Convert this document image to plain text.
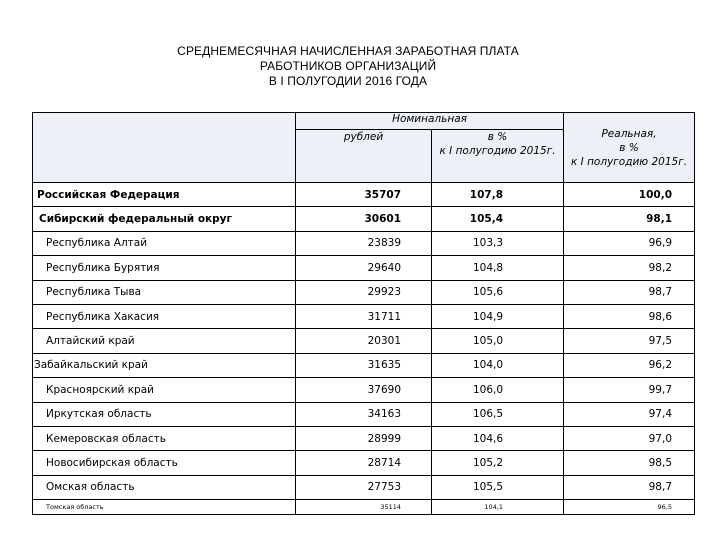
СРЕДНЕМЕСЯЧНАЯ НАЧИСЛЕННАЯ ЗАРАБОТНАЯ ПЛАТА
РАБОТНИКОВ ОРГАНИЗАЦИЙ
В I ПОЛУГОДИИ 2016 ГОДА
	Номинальная		Реальная,
в %
к I полугодию 2015г.

	рублей	в %
к I полугодию 2015г.	

Российская Федерация	35707	107,8	100,0
Сибирский федеральный округ	30601	105,4	98,1
Республика Алтай	23839	103,3	96,9
Республика Бурятия	29640	104,8	98,2
Республика Тыва	29923	105,6	98,7
Республика Хакасия	31711	104,9	98,6
Алтайский край	20301	105,0	97,5
Забайкальский край	31635	104,0	96,2
Красноярский край	37690	106,0	99,7
Иркутская область	34163	106,5	97,4
Кемеровская область	28999	104,6	97,0
Новосибирская область	28714	105,2	98,5
Омская область	27753	105,5	98,7
Томская область	35114	104,1	96,5
